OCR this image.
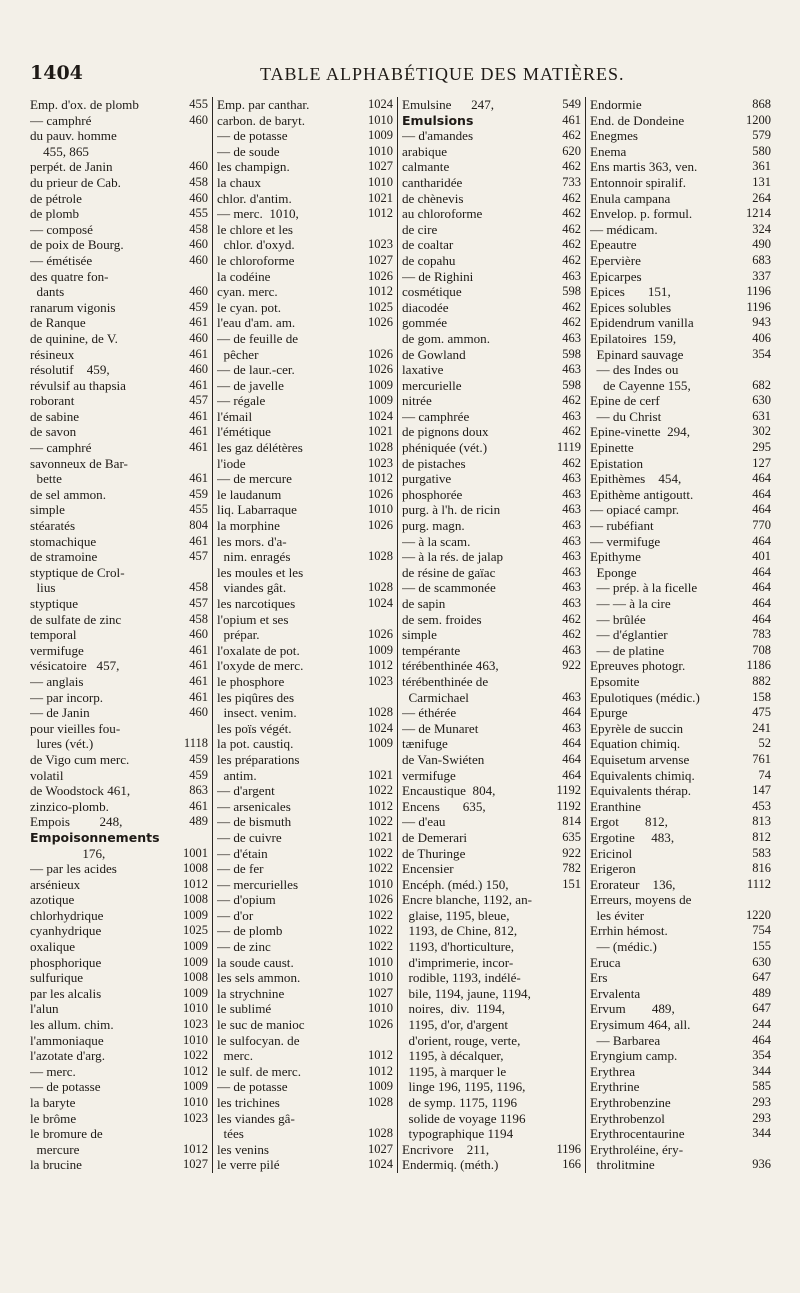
1404	TABLE ALPHABÉTIQUE DES MATIÈRES.
Emp. d'ox. de plomb	455
— camphré	460
du pauv. homme
455, 865
perpét. de Janin	460
du prieur de Cab.	458
de pétrole	460
de plomb	455
— composé	458
de poix de Bourg.	460
— émétisée	460
des quatre fon-
dants	460
ranarum vigonis	459
de Ranque	461
de quinine, de V.	460
résineux	461
résolutif    459,	460
révulsif au thapsia	461
roborant	457
de sabine	461
de savon	461
— camphré	461
savonneux de Bar-
bette	461
de sel ammon.	459
simple	455
stéaratés	804
stomachique	461
de stramoine	457
styptique de Crol-
lius	458
styptique	457
de sulfate de zinc	458
temporal	460
vermifuge	461
vésicatoire   457,	461
— anglais	461
— par incorp.	461
— de Janin	460
pour vieilles fou-
lures (vét.)	1118
de Vigo cum merc.	459
volatil	459
de Woodstock 461,	863
zinzico-plomb.	461
Empois         248,	489
Empoisonnements
176,	1001
— par les acides	1008
arsénieux	1012
azotique	1008
chlorhydrique	1009
cyanhydrique	1025
oxalique	1009
phosphorique	1009
sulfurique	1008
par les alcalis	1009
l'alun	1010
les allum. chim.	1023
l'ammoniaque	1010
l'azotate d'arg.	1022
— merc.	1012
— de potasse	1009
la baryte	1010
le brôme	1023
le bromure de
mercure	1012
la brucine	1027
Emp. par canthar.	1024
carbon. de baryt.	1010
— de potasse	1009
— de soude	1010
les champign.	1027
la chaux	1010
chlor. d'antim.	1021
— merc.  1010,	1012
le chlore et les
chlor. d'oxyd.	1023
le chloroforme	1027
la codéine	1026
cyan. merc.	1012
le cyan. pot.	1025
l'eau d'am. am.	1026
— de feuille de
pêcher	1026
— de laur.-cer.	1026
— de javelle	1009
— régale	1009
l'émail	1024
l'émétique	1021
les gaz délétères	1028
l'iode	1023
— de mercure	1012
le laudanum	1026
liq. Labarraque	1010
la morphine	1026
les mors. d'a-
nim. enragés	1028
les moules et les
viandes gât.	1028
les narcotiques	1024
l'opium et ses
prépar.	1026
l'oxalate de pot.	1009
l'oxyde de merc.	1012
le phosphore	1023
les piqûres des
insect. venim.	1028
les poïs végét.	1024
la pot. caustiq.	1009
les préparations
antim.	1021
— d'argent	1022
— arsenicales	1012
— de bismuth	1022
— de cuivre	1021
— d'étain	1022
— de fer	1022
— mercurielles	1010
— d'opium	1026
— d'or	1022
— de plomb	1022
— de zinc	1022
la soude caust.	1010
les sels ammon.	1010
la strychnine	1027
le sublimé	1010
le suc de manioc	1026
le sulfocyan. de
merc.	1012
le sulf. de merc.	1012
— de potasse	1009
les trichines	1028
les viandes gâ-
tées	1028
les venins	1027
le verre pilé	1024
Emulsine      247,	549
Emulsions	461
— d'amandes	462
arabique	620
calmante	462
cantharidée	733
de chènevis	462
au chloroforme	462
de cire	462
de coaltar	462
de copahu	462
— de Righini	463
cosmétique	598
diacodée	462
gommée	462
de gom. ammon.	463
de Gowland	598
laxative	463
mercurielle	598
nitrée	462
— camphrée	463
de pignons doux	462
phéniquée (vét.)	1119
de pistaches	462
purgative	463
phosphorée	463
purg. à l'h. de ricin	463
purg. magn.	463
— à la scam.	463
— à la rés. de jalap	463
de résine de gaïac	463
— de scammonée	463
de sapin	463
de sem. froides	462
simple	462
tempérante	463
térébenthinée 463,	922
térébenthinée de
Carmichael	463
— éthérée	464
— de Munaret	463
tænifuge	464
de Van-Swiéten	464
vermifuge	464
Encaustique  804,	1192
Encens       635,	1192
— d'eau	814
de Demerari	635
de Thuringe	922
Encensier	782
Encéph. (méd.) 150,	151
Encre blanche, 1192, an-
glaise, 1195, bleue,
1193, de Chine, 812,
1193, d'horticulture,
d'imprimerie, incor-
rodible, 1193, indélé-
bile, 1194, jaune, 1194,
noires,  div.  1194,
1195, d'or, d'argent
d'orient, rouge, verte,
1195, à décalquer,
1195, à marquer le
linge 196, 1195, 1196,
de symp. 1175, 1196
solide de voyage 1196
typographique 1194
Encrivore    211,	1196
Endermiq. (méth.)	166
Endormie	868
End. de Dondeine	1200
Enegmes	579
Enema	580
Ens martis 363, ven.	361
Entonnoir spiralif.	131
Enula campana	264
Envelop. p. formul.	1214
— médicam.	324
Epeautre	490
Epervière	683
Epicarpes	337
Epices       151,	1196
Epices solubles	1196
Epidendrum vanilla	943
Epilatoires  159,	406
Epinard sauvage	354
— des Indes ou
de Cayenne 155,	682
Epine de cerf	630
— du Christ	631
Epine-vinette  294,	302
Epinette	295
Epistation	127
Epithèmes    454,	464
Epithème antigoutt.	464
— opiacé campr.	464
— rubéfiant	770
— vermifuge	464
Epithyme	401
Eponge	464
— prép. à la ficelle	464
— — à la cire	464
— brûlée	464
— d'églantier	783
— de platine	708
Epreuves photogr.	1186
Epsomite	882
Epulotiques (médic.)	158
Epurge	475
Epyrèle de succin	241
Equation chimiq.	52
Equisetum arvense	761
Equivalents chimiq.	74
Equivalents thérap.	147
Eranthine	453
Ergot        812,	813
Ergotine     483,	812
Ericinol	583
Erigeron	816
Erorateur    136,	1112
Erreurs, moyens de
les éviter	1220
Errhin hémost.	754
— (médic.)	155
Eruca	630
Ers	647
Ervalenta	489
Ervum        489,	647
Erysimum 464, all.	244
— Barbarea	464
Eryngium camp.	354
Erythrea	344
Erythrine	585
Erythrobenzine	293
Erythrobenzol	293
Erythrocentaurine	344
Erythroléine, éry-
throlitmine	936
